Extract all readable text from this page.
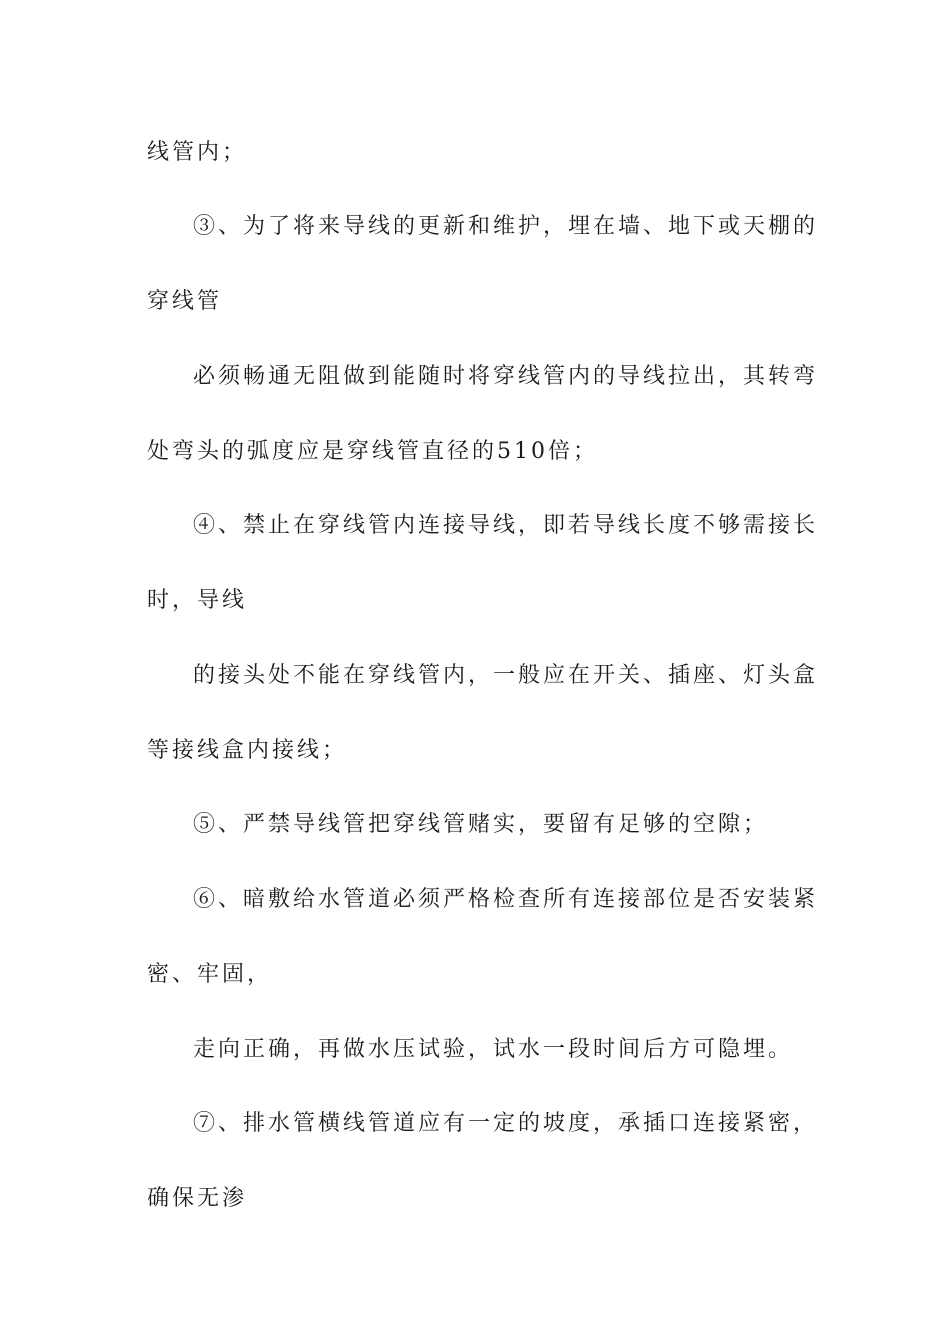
线管内；
③、为了将来导线的更新和维护，埋在墙、地下或天棚的
穿线管
必须畅通无阻做到能随时将穿线管内的导线拉出，其转弯
处弯头的弧度应是穿线管直径的510倍；
④、禁止在穿线管内连接导线，即若导线长度不够需接长
时，导线
的接头处不能在穿线管内，一般应在开关、插座、灯头盒
等接线盒内接线；
⑤、严禁导线管把穿线管赌实，要留有足够的空隙；
⑥、暗敷给水管道必须严格检查所有连接部位是否安装紧
密、牢固，
走向正确，再做水压试验，试水一段时间后方可隐埋。
⑦、排水管横线管道应有一定的坡度，承插口连接紧密，
确保无渗
